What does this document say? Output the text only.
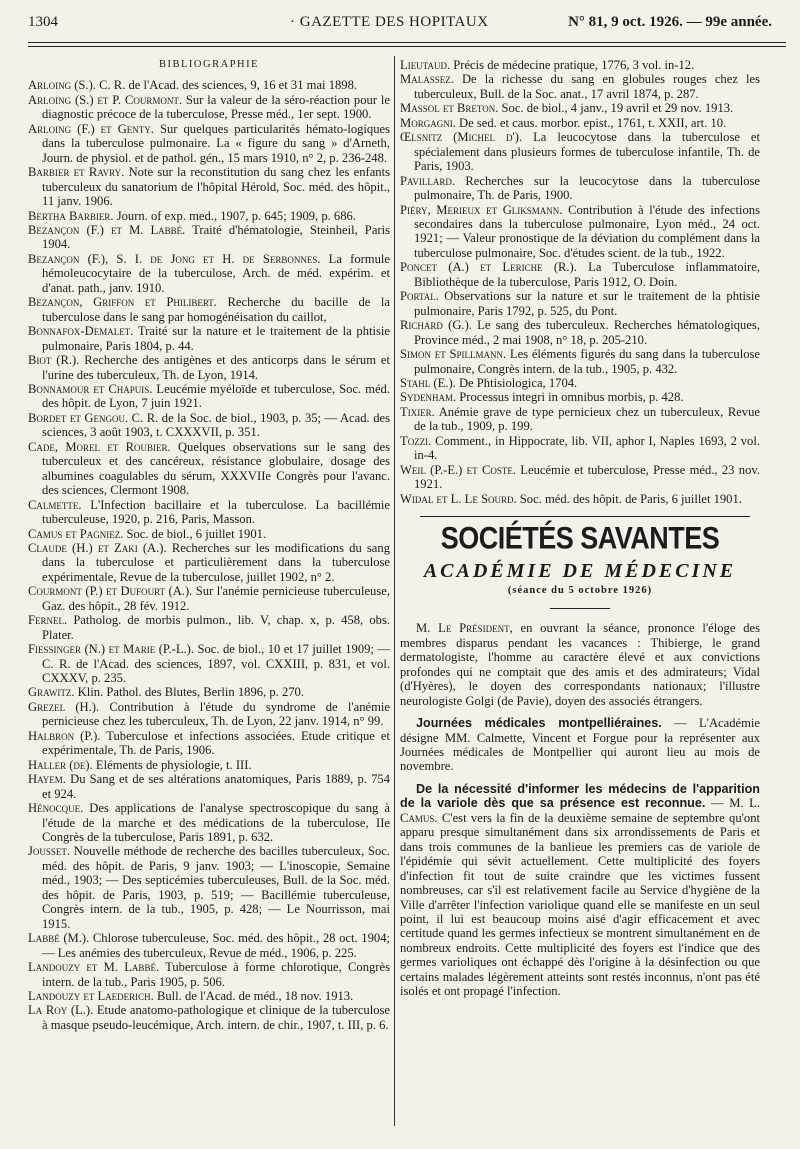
1304	· GAZETTE DES HOPITAUX	N° 81, 9 oct. 1926. — 99e année.
BIBLIOGRAPHIE

Arloing (S.). C. R. de l'Acad. des sciences, 9, 16 et 31 mai 1898.

Arloing (S.) et P. Courmont. Sur la valeur de la séro-réaction pour le diagnostic précoce de la tuberculose, Presse méd., 1er sept. 1900.

Arloing (F.) et Genty. Sur quelques particularités hémato-logiques dans la tuberculose pulmonaire. La « figure du sang » d'Arneth, Journ. de physiol. et de pathol. gén., 15 mars 1910, n° 2, p. 236-248.

Barbier et Ravry. Note sur la reconstitution du sang chez les enfants tuberculeux du sanatorium de l'hôpital Hérold, Soc. méd. des hôpit., 11 janv. 1906.

Bertha Barbier. Journ. of exp. med., 1907, p. 645; 1909, p. 686.

Bezançon (F.) et M. Labbé. Traité d'hématologie, Steinheil, Paris 1904.

Bezançon (F.), S. I. de Jong et H. de Serbonnes. La formule hémoleucocytaire de la tuberculose, Arch. de méd. expérim. et d'anat. path., janv. 1910.

Bezançon, Griffon et Philibert. Recherche du bacille de la tuberculose dans le sang par homogénéisation du caillot,

Bonnafox-Demalet. Traité sur la nature et le traitement de la phtisie pulmonaire, Paris 1804, p. 44.

Biot (R.). Recherche des antigènes et des anticorps dans le sérum et l'urine des tuberculeux, Th. de Lyon, 1914.

Bonnamour et Chapuis. Leucémie myéloïde et tuberculose, Soc. méd. des hôpit. de Lyon, 7 juin 1921.

Bordet et Gengou. C. R. de la Soc. de biol., 1903, p. 35; — Acad. des sciences, 3 août 1903, t. CXXXVII, p. 351.

Cade, Morel et Roubier. Quelques observations sur le sang des tuberculeux et des cancéreux, résistance globulaire, dosage des albumines coagulables du sérum, XXXVIIe Congrès pour l'avanc. des sciences, Clermont 1908.

Calmette. L'Infection bacillaire et la tuberculose. La bacillémie tuberculeuse, 1920, p. 216, Paris, Masson.

Camus et Pagniez. Soc. de biol., 6 juillet 1901.

Claude (H.) et Zaki (A.). Recherches sur les modifications du sang dans la tuberculose et particulièrement dans la tuberculose expérimentale, Revue de la tuberculose, juillet 1902, n° 2.

Courmont (P.) et Dufourt (A.). Sur l'anémie pernicieuse tuberculeuse, Gaz. des hôpit., 28 fév. 1912.

Fernel. Patholog. de morbis pulmon., lib. V, chap. x, p. 458, obs. Plater.

Fiessinger (N.) et Marie (P.-L.). Soc. de biol., 10 et 17 juillet 1909; — C. R. de l'Acad. des sciences, 1897, vol. CXXIII, p. 831, et vol. CXXXV, p. 235.

Grawitz. Klin. Pathol. des Blutes, Berlin 1896, p. 270.

Grezel (H.). Contribution à l'étude du syndrome de l'anémie pernicieuse chez les tuberculeux, Th. de Lyon, 22 janv. 1914, n° 99.

Halbron (P.). Tuberculose et infections associées. Etude critique et expérimentale, Th. de Paris, 1906.

Haller (de). Eléments de physiologie, t. III.

Hayem. Du Sang et de ses altérations anatomiques, Paris 1889, p. 754 et 924.

Hénocque. Des applications de l'analyse spectroscopique du sang à l'étude de la marche et des médications de la tuberculose, IIe Congrès de la tuberculose, Paris 1891, p. 632.

Jousset. Nouvelle méthode de recherche des bacilles tuberculeux, Soc. méd. des hôpit. de Paris, 9 janv. 1903; — L'inoscopie, Semaine méd., 1903; — Des septicémies tuberculeuses, Bull. de la Soc. méd. des hôpit. de Paris, 1903, p. 519; — Bacillémie tuberculeuse, Congrès intern. de la tub., 1905, p. 428; — Le Nourrisson, mai 1915.

Labbé (M.). Chlorose tuberculeuse, Soc. méd. des hôpit., 28 oct. 1904; — Les anémies des tuberculeux, Revue de méd., 1906, p. 225.

Landouzy et M. Labbé. Tuberculose à forme chlorotique, Congrès intern. de la tub., Paris 1905, p. 506.

Landouzy et Laederich. Bull. de l'Acad. de méd., 18 nov. 1913.

La Roy (L.). Etude anatomo-pathologique et clinique de la tuberculose à masque pseudo-leucémique, Arch. intern. de chir., 1907, t. III, p. 6.

Lieutaud. Précis de médecine pratique, 1776, 3 vol. in-12.

Malassez. De la richesse du sang en globules rouges chez les tuberculeux, Bull. de la Soc. anat., 17 avril 1874, p. 287.

Massol et Breton. Soc. de biol., 4 janv., 19 avril et 29 nov. 1913.

Morgagni. De sed. et caus. morbor. epist., 1761, t. XXII, art. 10.

Œlsnitz (Michel d'). La leucocytose dans la tuberculose et spécialement dans plusieurs formes de tuberculose infantile, Th. de Paris, 1903.

Pavillard. Recherches sur la leucocytose dans la tuberculose pulmonaire, Th. de Paris, 1900.

Piéry, Merieux et Gliksmann. Contribution à l'étude des infections secondaires dans la tuberculose pulmonaire, Lyon méd., 24 oct. 1921; — Valeur pronostique de la déviation du complément dans la tuberculose pulmonaire, Soc. d'études scient. de la tub., 1922.

Poncet (A.) et Leriche (R.). La Tuberculose inflammatoire, Bibliothèque de la tuberculose, Paris 1912, O. Doin.

Portal. Observations sur la nature et sur le traitement de la phtisie pulmonaire, Paris 1792, p. 525, du Pont.

Richard (G.). Le sang des tuberculeux. Recherches hématologiques, Province méd., 2 mai 1908, n° 18, p. 205-210.

Simon et Spillmann. Les éléments figurés du sang dans la tuberculose pulmonaire, Congrès intern. de la tub., 1905, p. 432.

Stahl (E.). De Phtisiologica, 1704.

Sydenham. Processus integri in omnibus morbis, p. 428.

Tixier. Anémie grave de type pernicieux chez un tuberculeux, Revue de la tub., 1909, p. 199.

Tozzi. Comment., in Hippocrate, lib. VII, aphor I, Naples 1693, 2 vol. in-4.

Weil (P.-E.) et Coste. Leucémie et tuberculose, Presse méd., 23 nov. 1921.

Widal et L. Le Sourd. Soc. méd. des hôpit. de Paris, 6 juillet 1901.

SOCIÉTÉS SAVANTES
ACADÉMIE DE MÉDECINE
(séance du 5 octobre 1926)

M. Le Président, en ouvrant la séance, prononce l'éloge des membres disparus pendant les vacances : Thibierge, le grand dermatologiste, l'homme au caractère élevé et aux convictions profondes qui ne comptait que des amis et des admirateurs; Vidal (d'Hyères), le doyen des correspondants nationaux; l'illustre neurologiste Golgi (de Pavie), doyen des associés étrangers.

Journées médicales montpelliéraines. — L'Académie désigne MM. Calmette, Vincent et Forgue pour la représenter aux Journées médicales de Montpellier qui auront lieu au mois de novembre.

De la nécessité d'informer les médecins de l'apparition de la variole dès que sa présence est reconnue. — M. L. Camus. C'est vers la fin de la deuxième semaine de septembre qu'ont apparu presque simultanément dans six arrondissements de Paris et dans trois communes de la banlieue les premiers cas de variole de l'épidémie qui sévit actuellement. Cette multiplicité des foyers d'infection fit tout de suite craindre que les victimes fussent nombreuses, car s'il est relativement facile au Service d'hygiène de la Ville d'arrêter l'infection variolique quand elle se manifeste en un seul point, il lui est beaucoup moins aisé d'agir efficacement et avec certitude quand les germes infectieux se montrent simultanément en de nombreux endroits. Cette multiplicité des foyers est l'indice que des germes varioliques ont échappé dès l'origine à la désinfection ou que certains malades légèrement atteints sont restés inconnus, n'ont pas été isolés et ont propagé l'infection.
